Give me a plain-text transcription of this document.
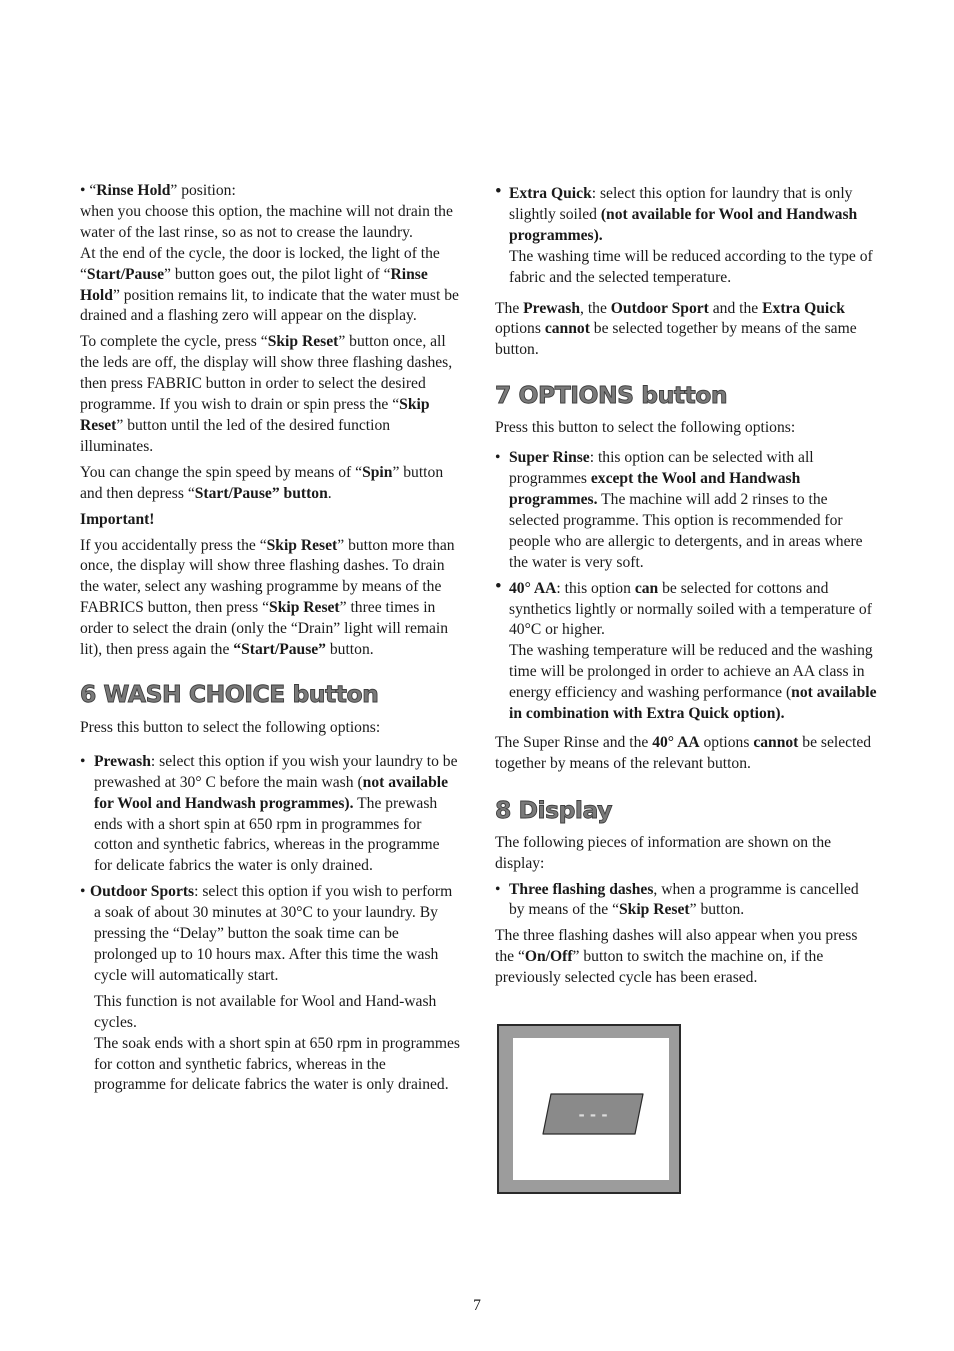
• “Rinse Hold” position:

when you choose this option, the machine will not drain the water of the last rinse, so as not to crease the laundry.

At the end of the cycle, the door is locked, the light of the “Start/Pause” button goes out, the pilot light of “Rinse Hold” position remains lit, to indicate that the water must be drained and a flashing zero will appear on the display.

To complete the cycle, press “Skip Reset” button once, all the leds are off, the display will show three flashing dashes, then press FABRIC button in order to select the desired programme. If you wish to drain or spin press the “Skip Reset” button until the led of the desired function illuminates.

You can change the spin speed by means of “Spin” button and then depress “Start/Pause” button.

Important!

If you accidentally press the “Skip Reset” button more than once, the display will show three flashing dashes. To drain the water, select any washing programme by means of the FABRICS button, then press “Skip Reset” three times in order to select the drain (only the “Drain” light will remain lit), then press again the “Start/Pause” button.

6 WASH CHOICE button

Press this button to select the following options:

• Prewash: select this option if you wish your laundry to be prewashed at 30° C before the main wash (not available for Wool and Handwash programmes). The prewash ends with a short spin at 650 rpm in programmes for cotton and synthetic fabrics, whereas in the programme for delicate fabrics the water is only drained.
• Outdoor Sports: select this option if you wish to perform a soak of about 30 minutes at 30°C to your laundry. By pressing the “Delay” button the soak time can be prolonged up to 10 hours max. After this time the wash cycle will automatically start.

This function is not available for Wool and Hand-wash cycles.

The soak ends with a short spin at 650 rpm in programmes for cotton and synthetic fabrics, whereas in the programme for delicate fabrics the water is only drained.

• Extra Quick: select this option for laundry that is only slightly soiled (not available for Wool and Handwash programmes).

The washing time will be reduced according to the type of fabric and the selected temperature.

The Prewash, the Outdoor Sport and the Extra Quick options cannot be selected together by means of the same button.

7 OPTIONS button

Press this button to select the following options:

• Super Rinse: this option can be selected with all programmes except the Wool and Handwash programmes. The machine will add 2 rinses to the selected programme. This option is recommended for people who are allergic to detergents, and in areas where the water is very soft.
• 40° AA: this option can be selected for cottons and synthetics lightly or normally soiled with a temperature of 40°C or higher.

The washing temperature will be reduced and the washing time will be prolonged in order to achieve an AA class in energy efficiency and washing performance (not available in combination with Extra Quick option).

The Super Rinse and the 40° AA options cannot be selected together by means of the relevant button.

8 Display

The following pieces of information are shown on the display:

• Three flashing dashes, when a programme is cancelled by means of the “Skip Reset” button.

The three flashing dashes will also appear when you press the “On/Off” button to switch the machine on, if the previously selected cycle has been erased.

- - -
7
